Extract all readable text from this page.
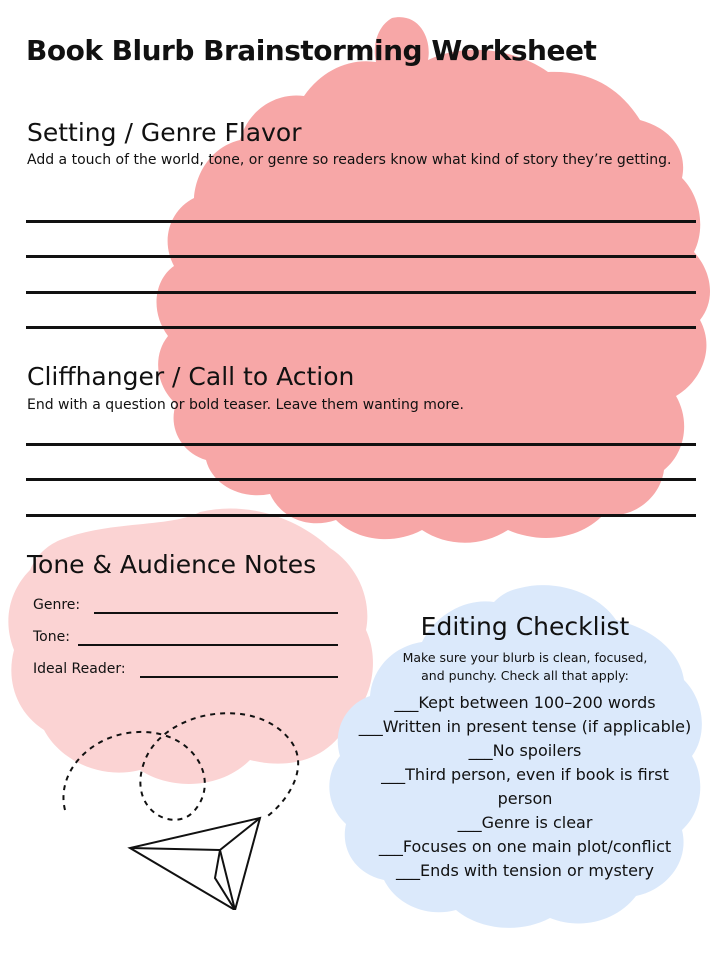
Book Blurb Brainstorming Worksheet
Setting / Genre Flavor
Add a touch of the world, tone, or genre so readers know what kind of story they’re getting.
Cliffhanger / Call to Action
End with a question or bold teaser. Leave them wanting more.
Tone & Audience Notes
Genre:
Tone:
Ideal Reader:
Editing Checklist

Make sure your blurb is clean, focused, and punchy. Check all that apply:

___Kept between 100–200 words
___Written in present tense (if applicable)
___No spoilers
___Third person, even if book is first person
___Genre is clear
___Focuses on one main plot/conflict
___Ends with tension or mystery
